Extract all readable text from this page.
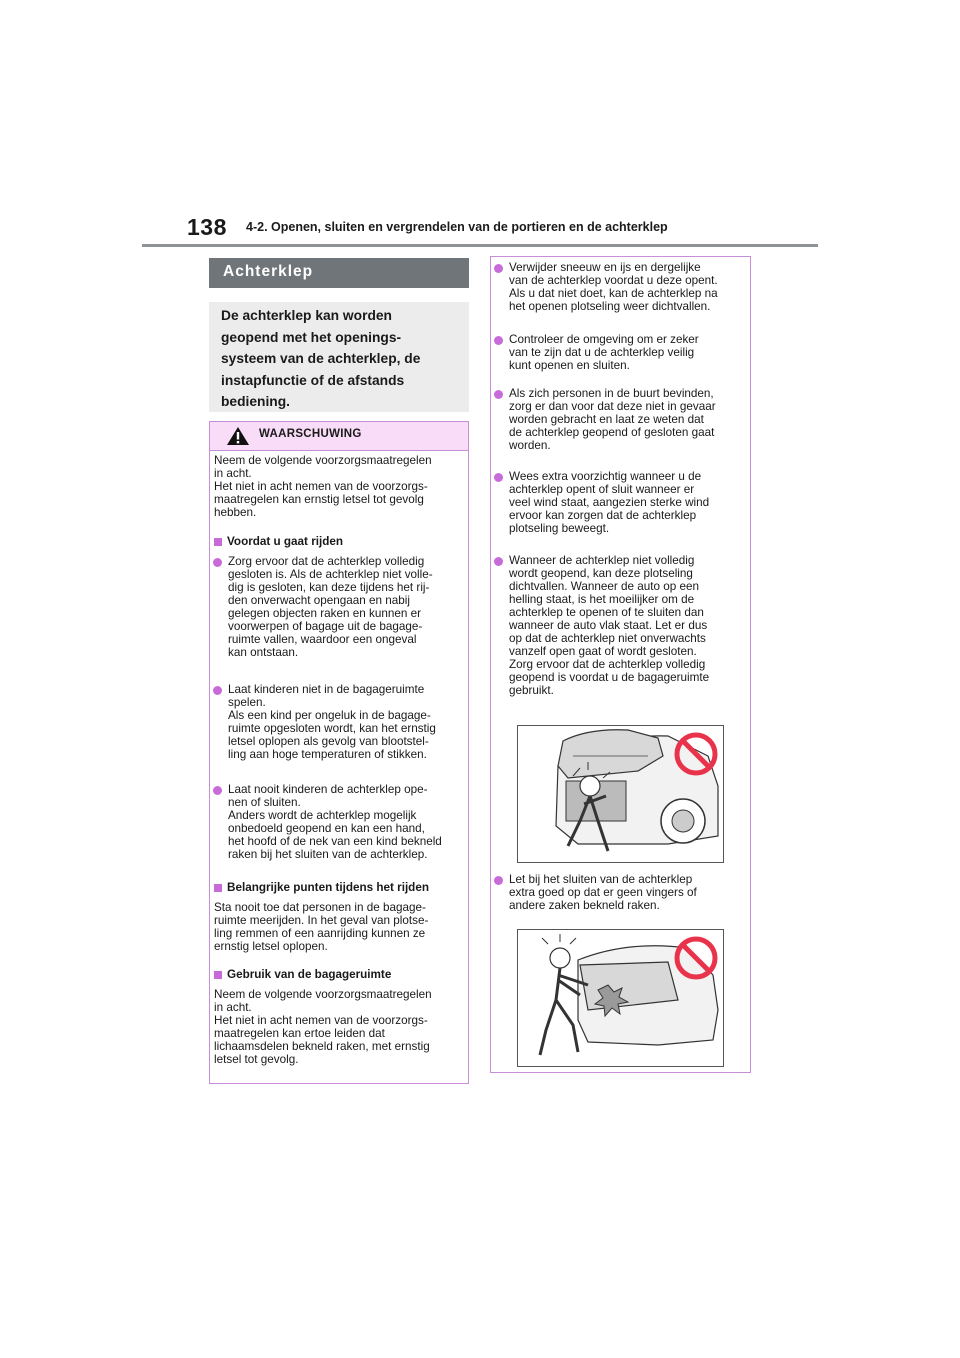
138 4-2. Openen, sluiten en vergrendelen van de portieren en de achterklep
Achterklep
De achterklep kan worden
geopend met het openings-
systeem van de achterklep, de
instapfunctie of de afstands
bediening.
WAARSCHUWING
Neem de volgende voorzorgsmaatregelen
in acht.
Het niet in acht nemen van de voorzorgs-
maatregelen kan ernstig letsel tot gevolg
hebben.
Voordat u gaat rijden
Zorg ervoor dat de achterklep volledig
gesloten is. Als de achterklep niet volle-
dig is gesloten, kan deze tijdens het rij-
den onverwacht opengaan en nabij
gelegen objecten raken en kunnen er
voorwerpen of bagage uit de bagage-
ruimte vallen, waardoor een ongeval
kan ontstaan.
Laat kinderen niet in de bagageruimte
spelen.
Als een kind per ongeluk in de bagage-
ruimte opgesloten wordt, kan het ernstig
letsel oplopen als gevolg van blootstel-
ling aan hoge temperaturen of stikken.
Laat nooit kinderen de achterklep ope-
nen of sluiten.
Anders wordt de achterklep mogelijk
onbedoeld geopend en kan een hand,
het hoofd of de nek van een kind bekneld
raken bij het sluiten van de achterklep.
Belangrijke punten tijdens het rijden
Sta nooit toe dat personen in de bagage-
ruimte meerijden. In het geval van plotse-
ling remmen of een aanrijding kunnen ze
ernstig letsel oplopen.
Gebruik van de bagageruimte
Neem de volgende voorzorgsmaatregelen
in acht.
Het niet in acht nemen van de voorzorgs-
maatregelen kan ertoe leiden dat
lichaamsdelen bekneld raken, met ernstig
letsel tot gevolg.
Verwijder sneeuw en ijs en dergelijke
van de achterklep voordat u deze opent.
Als u dat niet doet, kan de achterklep na
het openen plotseling weer dichtvallen.
Controleer de omgeving om er zeker
van te zijn dat u de achterklep veilig
kunt openen en sluiten.
Als zich personen in de buurt bevinden,
zorg er dan voor dat deze niet in gevaar
worden gebracht en laat ze weten dat
de achterklep geopend of gesloten gaat
worden.
Wees extra voorzichtig wanneer u de
achterklep opent of sluit wanneer er
veel wind staat, aangezien sterke wind
ervoor kan zorgen dat de achterklep
plotseling beweegt.
Wanneer de achterklep niet volledig
wordt geopend, kan deze plotseling
dichtvallen. Wanneer de auto op een
helling staat, is het moeilijker om de
achterklep te openen of te sluiten dan
wanneer de auto vlak staat. Let er dus
op dat de achterklep niet onverwachts
vanzelf open gaat of wordt gesloten.
Zorg ervoor dat de achterklep volledig
geopend is voordat u de bagageruimte
gebruikt.
Let bij het sluiten van de achterklep
extra goed op dat er geen vingers of
andere zaken bekneld raken.
